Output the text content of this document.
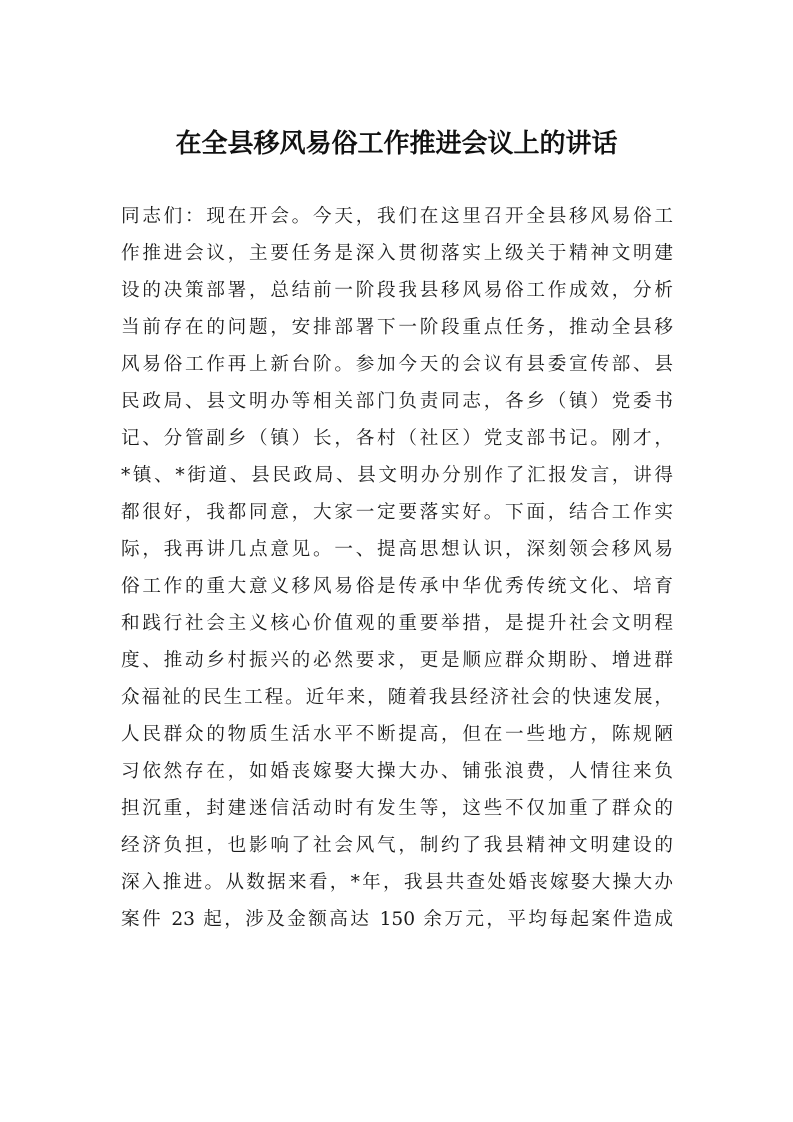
在全县移风易俗工作推进会议上的讲话
同志们：现在开会。今天，我们在这里召开全县移风易俗工
作推进会议，主要任务是深入贯彻落实上级关于精神文明建
设的决策部署，总结前一阶段我县移风易俗工作成效，分析
当前存在的问题，安排部署下一阶段重点任务，推动全县移
风易俗工作再上新台阶。参加今天的会议有县委宣传部、县
民政局、县文明办等相关部门负责同志，各乡（镇）党委书
记、分管副乡（镇）长，各村（社区）党支部书记。刚才，
*镇、*街道、县民政局、县文明办分别作了汇报发言，讲得
都很好，我都同意，大家一定要落实好。下面，结合工作实
际，我再讲几点意见。一、提高思想认识，深刻领会移风易
俗工作的重大意义移风易俗是传承中华优秀传统文化、培育
和践行社会主义核心价值观的重要举措，是提升社会文明程
度、推动乡村振兴的必然要求，更是顺应群众期盼、增进群
众福祉的民生工程。近年来，随着我县经济社会的快速发展，
人民群众的物质生活水平不断提高，但在一些地方，陈规陋
习依然存在，如婚丧嫁娶大操大办、铺张浪费，人情往来负
担沉重，封建迷信活动时有发生等，这些不仅加重了群众的
经济负担，也影响了社会风气，制约了我县精神文明建设的
深入推进。从数据来看，*年，我县共查处婚丧嫁娶大操大办
案件 23 起，涉及金额高达 150 余万元，平均每起案件造成
